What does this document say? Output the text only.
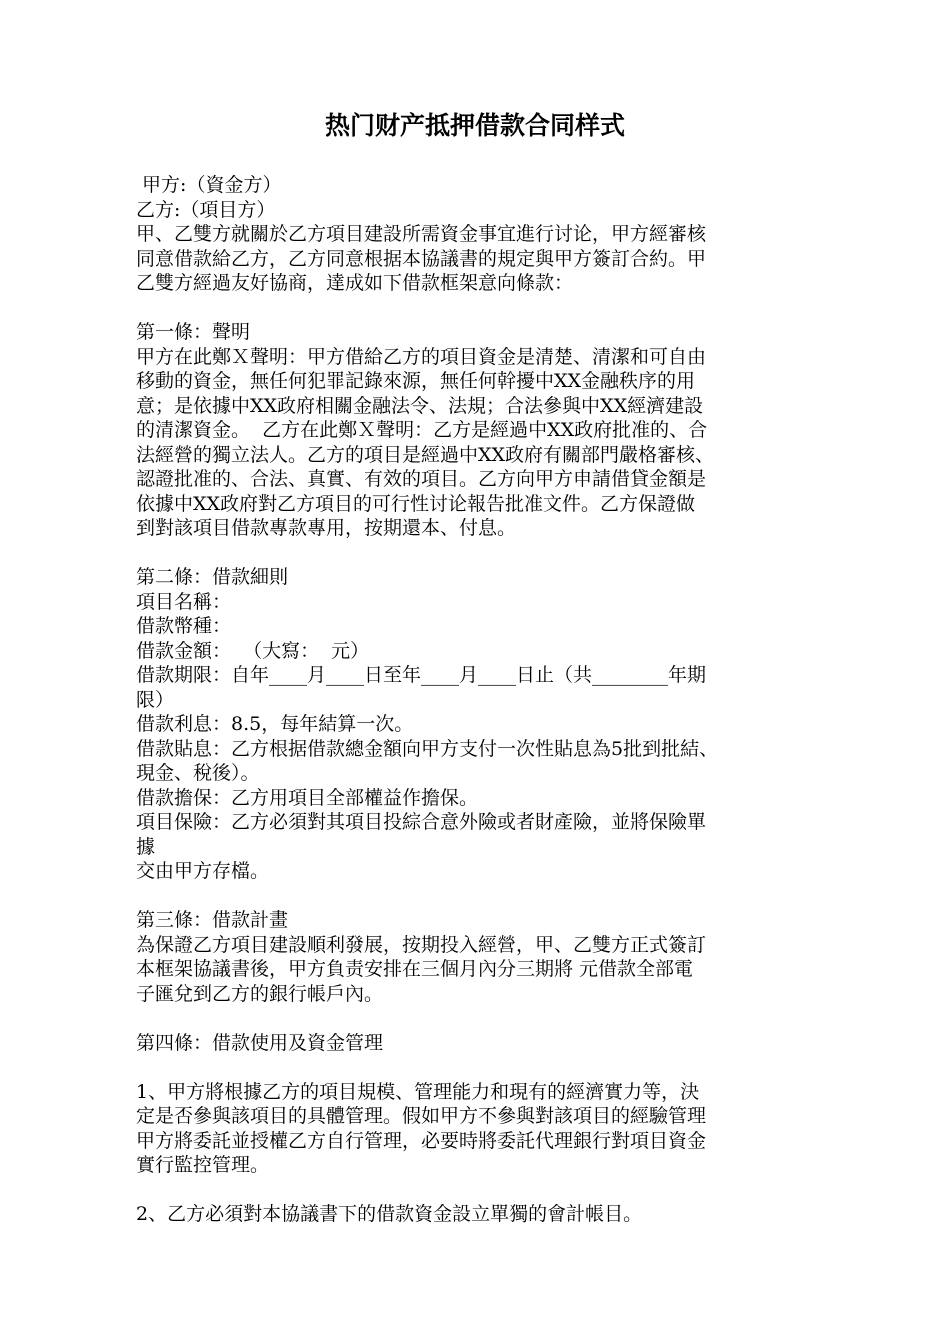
热门财产抵押借款合同样式
甲方:（資金方）
乙方:（項目方）
甲、乙雙方就關於乙方項目建設所需資金事宜進行讨论，甲方經審核
同意借款給乙方，乙方同意根据本協議書的規定與甲方簽訂合約。甲
乙雙方經過友好協商，達成如下借款框架意向條款：
第一條：聲明
甲方在此鄭Ｘ聲明：甲方借給乙方的項目資金是清楚、清潔和可自由
移動的資金，無任何犯罪記錄來源，無任何幹擾中XX金融秩序的用
意；是依據中XX政府相關金融法令、法規；合法參與中XX經濟建設
的清潔資金。  乙方在此鄭Ｘ聲明：乙方是經過中XX政府批准的、合
法經營的獨立法人。乙方的項目是經過中XX政府有關部門嚴格審核、
認證批准的、合法、真實、有效的項目。乙方向甲方申請借貸金額是
依據中XX政府對乙方項目的可行性讨论報告批准文件。乙方保證做
到對該項目借款專款專用，按期還本、付息。
第二條：借款細則
項目名稱：
借款幣種：
借款金額：  （大寫：  元）
借款期限：自年____月____日至年____月____日止（共________年期
限）
借款利息：8.5，每年結算一次。
借款貼息：乙方根据借款總金額向甲方支付一次性貼息為5批到批結、
現金、稅後）。
借款擔保：乙方用項目全部權益作擔保。
項目保險：乙方必須對其項目投綜合意外險或者財產險，並將保險單
據
交由甲方存檔。
第三條：借款計畫
為保證乙方項目建設順利發展，按期投入經營，甲、乙雙方正式簽訂
本框架協議書後，甲方負责安排在三個月內分三期將 元借款全部電
子匯兌到乙方的銀行帳戶內。
第四條：借款使用及資金管理
1、甲方將根據乙方的項目規模、管理能力和現有的經濟實力等，決
定是否參與該項目的具體管理。假如甲方不參與對該項目的經驗管理
甲方將委託並授權乙方自行管理，必要時將委託代理銀行對項目資金
實行監控管理。
2、乙方必須對本協議書下的借款資金設立單獨的會計帳目。
